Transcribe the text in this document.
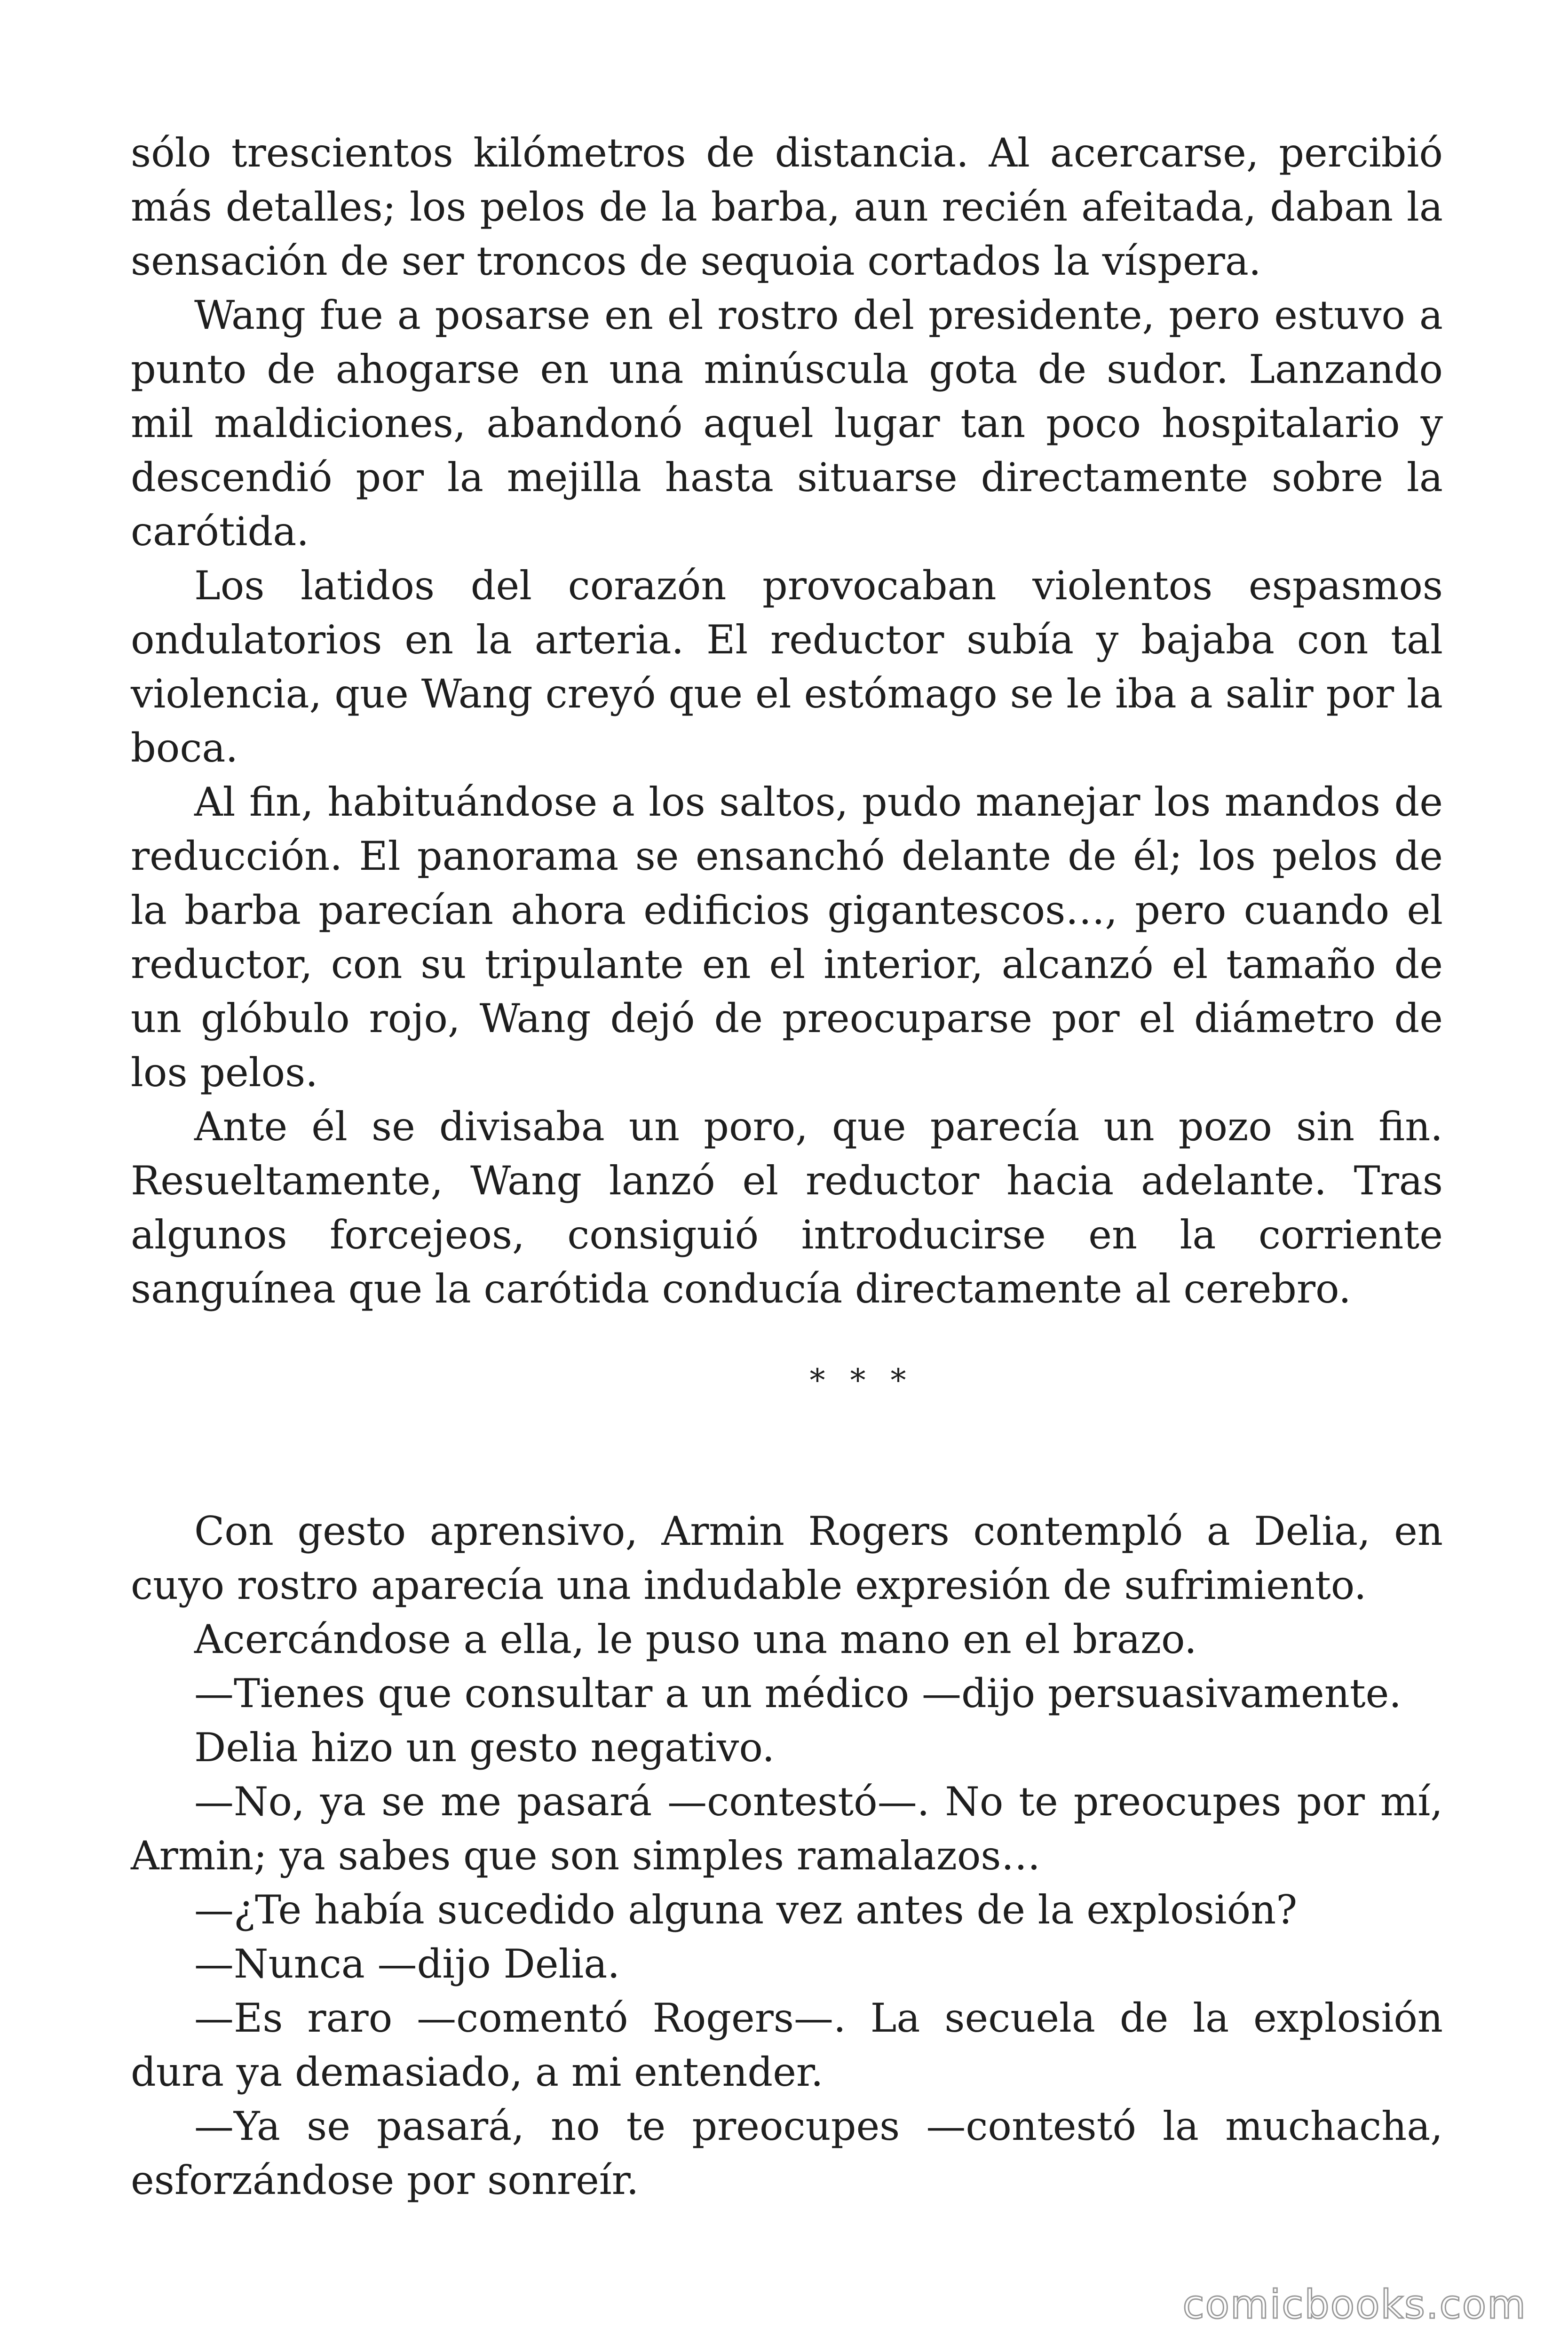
sólo trescientos kilómetros de distancia. Al acercarse, percibió más detalles; los pelos de la barba, aun recién afeitada, daban la sensación de ser troncos de sequoia cortados la víspera.

Wang fue a posarse en el rostro del presidente, pero estuvo a punto de ahogarse en una minúscula gota de sudor. Lanzando mil maldiciones, abandonó aquel lugar tan poco hospitalario y descendió por la mejilla hasta situarse directamente sobre la carótida.

Los latidos del corazón provocaban violentos espasmos ondulatorios en la arteria. El reductor subía y bajaba con tal violencia, que Wang creyó que el estómago se le iba a salir por la boca.

Al fin, habituándose a los saltos, pudo manejar los mandos de reducción. El panorama se ensanchó delante de él; los pelos de la barba parecían ahora edificios gigantescos…, pero cuando el reductor, con su tripulante en el interior, alcanzó el tamaño de un glóbulo rojo, Wang dejó de preocuparse por el diámetro de los pelos.

Ante él se divisaba un poro, que parecía un pozo sin fin. Resueltamente, Wang lanzó el reductor hacia adelante. Tras algunos forcejeos, consiguió introducirse en la corriente sanguínea que la carótida conducía directamente al cerebro.

* * *

Con gesto aprensivo, Armin Rogers contempló a Delia, en cuyo rostro aparecía una indudable expresión de sufrimiento.

Acercándose a ella, le puso una mano en el brazo.

—Tienes que consultar a un médico —dijo persuasivamente.

Delia hizo un gesto negativo.

—No, ya se me pasará —contestó—. No te preocupes por mí, Armin; ya sabes que son simples ramalazos…

—¿Te había sucedido alguna vez antes de la explosión?

—Nunca —dijo Delia.

—Es raro —comentó Rogers—. La secuela de la explosión dura ya demasiado, a mi entender.

—Ya se pasará, no te preocupes —contestó la muchacha, esforzándose por sonreír.

comicbooks.com
